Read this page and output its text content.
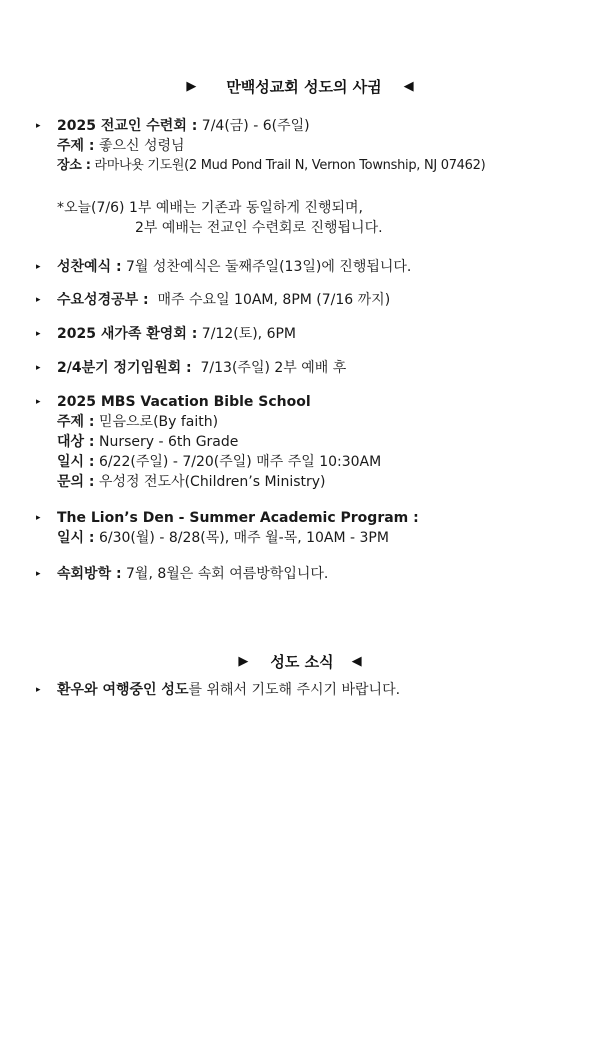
▶ 만백성교회 성도의 사귐 ◀
▸ 2025 전교인 수련회 : 7/4(금) - 6(주일)
주제 : 좋으신 성령님
장소 : 라마나욧 기도원(2 Mud Pond Trail N, Vernon Township, NJ 07462)
*오늘(7/6) 1부 예배는 기존과 동일하게 진행되며,
2부 예배는 전교인 수련회로 진행됩니다.
▸ 성찬예식 : 7월 성찬예식은 둘째주일(13일)에 진행됩니다.
▸ 수요성경공부 :  매주 수요일 10AM, 8PM (7/16 까지)
▸ 2025 새가족 환영회 : 7/12(토), 6PM
▸ 2/4분기 정기임원회 :  7/13(주일) 2부 예배 후
▸ 2025 MBS Vacation Bible School
주제 : 믿음으로(By faith)
대상 : Nursery - 6th Grade
일시 : 6/22(주일) - 7/20(주일) 매주 주일 10:30AM
문의 : 우성정 전도사(Children’s Ministry)
▸ The Lion’s Den - Summer Academic Program :
일시 : 6/30(월) - 8/28(목), 매주 월-목, 10AM - 3PM
▸ 속회방학 : 7월, 8월은 속회 여름방학입니다.
▶ 성도 소식 ◀
▸ 환우와 여행중인 성도를 위해서 기도해 주시기 바랍니다.
